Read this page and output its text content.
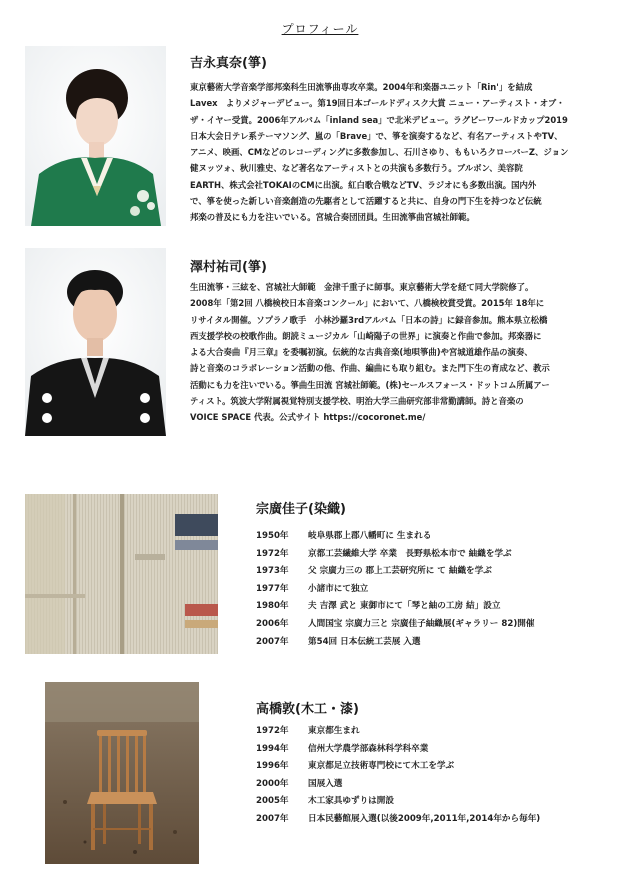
プロフィール
吉永真奈(箏)

東京藝術大学音楽学部邦楽科生田流箏曲専攻卒業。2004年和楽器ユニット「Rin'」を結成
Lavex　よりメジャーデビュー。第19回日本ゴールドディスク大賞 ニュー・アーティスト・オブ・
ザ・イヤー受賞。2006年アルバム「inland sea」で北米デビュー。ラグビーワールドカップ2019
日本大会日テレ系テーマソング、嵐の「Brave」で、箏を演奏するなど、有名アーティストやTV、
アニメ、映画、CMなどのレコーディングに多数参加し、石川さゆり、ももいろクローバーZ、ジョン
健ヌッツォ、秋川雅史、など著名なアーティストとの共演も多数行う。ブルボン、美容院
EARTH、株式会社TOKAIのCMに出演。紅白歌合戦などTV、ラジオにも多数出演。国内外
で、箏を使った新しい音楽創造の先駆者として活躍すると共に、自身の門下生を持つなど伝統
邦楽の普及にも力を注いでいる。宮城合奏団団員。生田流箏曲宮城社師範。

澤村祐司(箏)

生田流箏・三絃を、宮城社大師範　金津千重子に師事。東京藝術大学を経て同大学院修了。
2008年「第2回 八橋検校日本音楽コンクール」において、八橋検校賞受賞。2015年 18年に
リサイタル開催。ソプラノ歌手　小林沙羅3rdアルバム「日本の詩」に録音参加。熊本県立松橋
西支援学校の校歌作曲。朗読ミュージカル「山崎陽子の世界」に演奏と作曲で参加。邦楽器に
よる大合奏曲『月三章』を委嘱初演。伝統的な古典音楽(地唄箏曲)や宮城道雄作品の演奏、
詩と音楽のコラボレーション活動の他、作曲、編曲にも取り組む。また門下生の育成など、教示
活動にも力を注いでいる。箏曲生田流 宮城社師範。(株)セールスフォース・ドットコム所属アー
ティスト。筑波大学附属視覚特別支援学校、明治大学三曲研究部非常勤講師。詩と音楽の
VOICE SPACE 代表。公式サイト https://cocoronet.me/

宗廣佳子(染織)
1950年 岐阜県郡上郡八幡町に 生まれる
1972年 京都工芸繊維大学 卒業　長野県松本市で 紬織を学ぶ
1973年 父 宗廣力三の 郡上工芸研究所に て 紬織を学ぶ
1977年 小諸市にて独立
1980年 夫 吉澤 武と 東御市にて「琴と紬の工房 結」設立
2006年 人間国宝 宗廣力三と 宗廣佳子紬織展(ギャラリー 82)開催
2007年 第54回 日本伝統工芸展 入選
高橋敦(木工・漆)
1972年 東京都生まれ
1994年 信州大学農学部森林科学科卒業
1996年 東京都足立技術専門校にて木工を学ぶ
2000年 国展入選
2005年 木工家具ゆずりは開設
2007年 日本民藝館展入選(以後2009年,2011年,2014年から毎年)
